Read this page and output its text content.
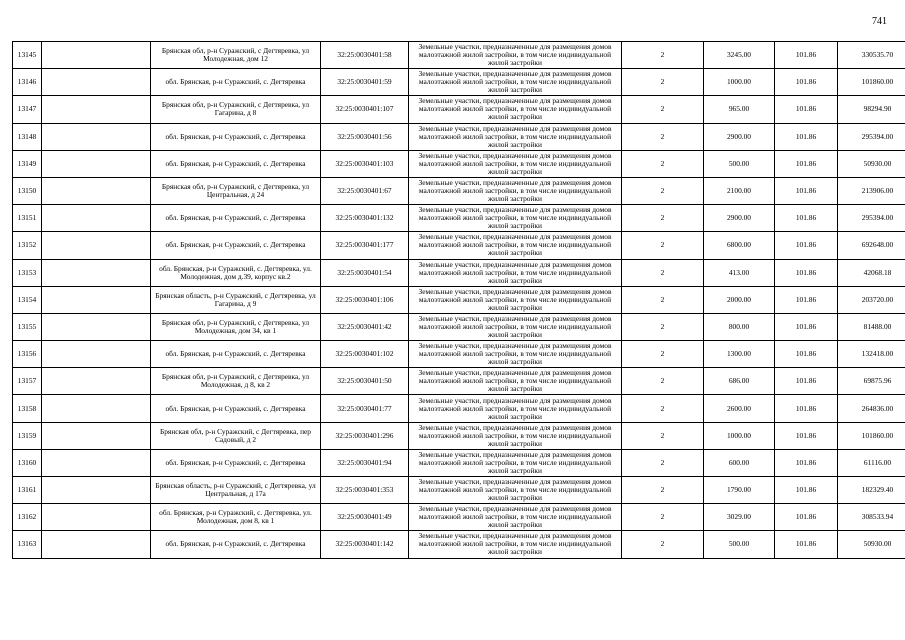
741
13145		Брянская обл, р-н Суражский, с Дегтяревка, ул Молодежная, дом 12	32:25:0030401:58	Земельные участки, предназначенные для размещения домов малоэтажной жилой застройки, в том числе индивидуальной жилой застройки	2	3245.00	101.86	330535.70
13146		обл. Брянская, р-н Суражский, с. Дегтяревка	32:25:0030401:59	Земельные участки, предназначенные для размещения домов малоэтажной жилой застройки, в том числе индивидуальной жилой застройки	2	1000.00	101.86	101860.00
13147		Брянская обл, р-н Суражский, с Дегтяревка, ул Гагарина, д 8	32:25:0030401:107	Земельные участки, предназначенные для размещения домов малоэтажной жилой застройки, в том числе индивидуальной жилой застройки	2	965.00	101.86	98294.90
13148		обл. Брянская, р-н Суражский, с. Дегтяревка	32:25:0030401:56	Земельные участки, предназначенные для размещения домов малоэтажной жилой застройки, в том числе индивидуальной жилой застройки	2	2900.00	101.86	295394.00
13149		обл. Брянская, р-н Суражский, с. Дегтяревка	32:25:0030401:103	Земельные участки, предназначенные для размещения домов малоэтажной жилой застройки, в том числе индивидуальной жилой застройки	2	500.00	101.86	50930.00
13150		Брянская обл, р-н Суражский, с Дегтяревка, ул Центральная, д 24	32:25:0030401:67	Земельные участки, предназначенные для размещения домов малоэтажной жилой застройки, в том числе индивидуальной жилой застройки	2	2100.00	101.86	213906.00
13151		обл. Брянская, р-н Суражский, с. Дегтяревка	32:25:0030401:132	Земельные участки, предназначенные для размещения домов малоэтажной жилой застройки, в том числе индивидуальной жилой застройки	2	2900.00	101.86	295394.00
13152		обл. Брянская, р-н Суражский, с. Дегтяревка	32:25:0030401:177	Земельные участки, предназначенные для размещения домов малоэтажной жилой застройки, в том числе индивидуальной жилой застройки	2	6800.00	101.86	692648.00
13153		обл. Брянская, р-н Суражский, с. Дегтяревка, ул. Молодежная, дом д.39, корпус кв.2	32:25:0030401:54	Земельные участки, предназначенные для размещения домов малоэтажной жилой застройки, в том числе индивидуальной жилой застройки	2	413.00	101.86	42068.18
13154		Брянская область, р-н Суражский, с Дегтяревка, ул Гагарина, д 9	32:25:0030401:106	Земельные участки, предназначенные для размещения домов малоэтажной жилой застройки, в том числе индивидуальной жилой застройки	2	2000.00	101.86	203720.00
13155		Брянская обл, р-н Суражский, с Дегтяревка, ул Молодежная, дом 34, кв 1	32:25:0030401:42	Земельные участки, предназначенные для размещения домов малоэтажной жилой застройки, в том числе индивидуальной жилой застройки	2	800.00	101.86	81488.00
13156		обл. Брянская, р-н Суражский, с. Дегтяревка	32:25:0030401:102	Земельные участки, предназначенные для размещения домов малоэтажной жилой застройки, в том числе индивидуальной жилой застройки	2	1300.00	101.86	132418.00
13157		Брянская обл, р-н Суражский, с Дегтяревка, ул Молодежная, д 8, кв 2	32:25:0030401:50	Земельные участки, предназначенные для размещения домов малоэтажной жилой застройки, в том числе индивидуальной жилой застройки	2	686.00	101.86	69875.96
13158		обл. Брянская, р-н Суражский, с. Дегтяревка	32:25:0030401:77	Земельные участки, предназначенные для размещения домов малоэтажной жилой застройки, в том числе индивидуальной жилой застройки	2	2600.00	101.86	264836.00
13159		Брянская обл, р-н Суражский, с Дегтяревка, пер Садовый, д 2	32:25:0030401:296	Земельные участки, предназначенные для размещения домов малоэтажной жилой застройки, в том числе индивидуальной жилой застройки	2	1000.00	101.86	101860.00
13160		обл. Брянская, р-н Суражский, с. Дегтяревка	32:25:0030401:94	Земельные участки, предназначенные для размещения домов малоэтажной жилой застройки, в том числе индивидуальной жилой застройки	2	600.00	101.86	61116.00
13161		Брянская область, р-н Суражский, с Дегтяревка, ул Центральная, д 17а	32:25:0030401:353	Земельные участки, предназначенные для размещения домов малоэтажной жилой застройки, в том числе индивидуальной жилой застройки	2	1790.00	101.86	182329.40
13162		обл. Брянская, р-н Суражский, с. Дегтяревка, ул. Молодежная, дом 8, кв 1	32:25:0030401:49	Земельные участки, предназначенные для размещения домов малоэтажной жилой застройки, в том числе индивидуальной жилой застройки	2	3029.00	101.86	308533.94
13163		обл. Брянская, р-н Суражский, с. Дегтяревка	32:25:0030401:142	Земельные участки, предназначенные для размещения домов малоэтажной жилой застройки, в том числе индивидуальной жилой застройки	2	500.00	101.86	50930.00
